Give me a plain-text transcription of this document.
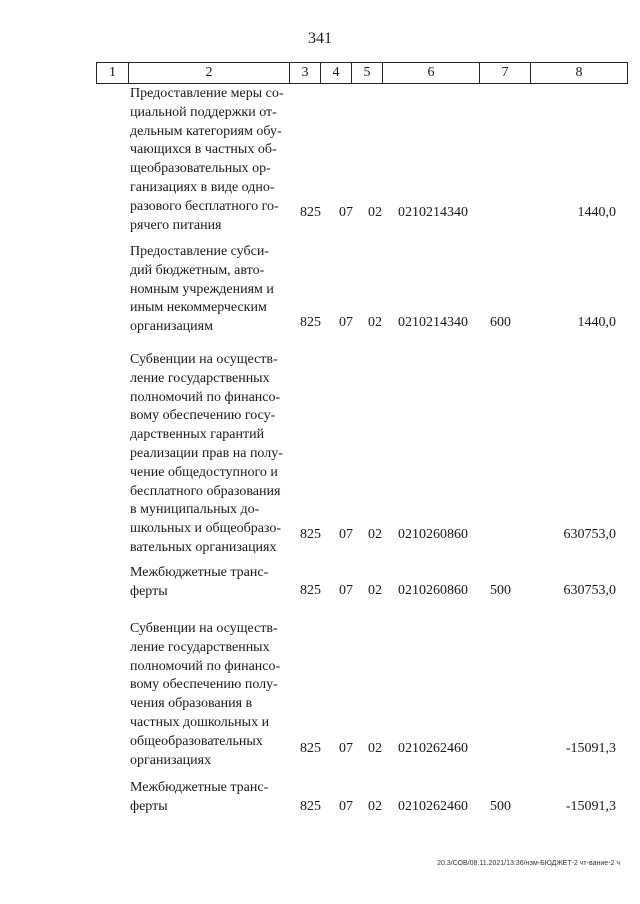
341
1	2	3	4	5	6	7	8
Предоставление меры со-
циальной поддержки от-
дельным категориям обу-
чающихся в частных об-
щеобразовательных ор-
ганизациях в виде одно-
разового бесплатного го-
рячего питания
825 07 02 0210214340	1440,0
Предоставление субси-
дий бюджетным, авто-
номным учреждениям и
иным некоммерческим
организациям	825 07 02 0210214340 600	1440,0
Субвенции на осуществ-
ление государственных
полномочий по финансо-
вому обеспечению госу-
дарственных гарантий
реализации прав на полу-
чение общедоступного и
бесплатного образования
в муниципальных до-
школьных и общеобразо-
вательных организациях
825 07 02 0210260860	630753,0
Межбюджетные транс-
ферты	825 07 02 0210260860 500	630753,0
Субвенции на осуществ-
ление государственных
полномочий по финансо-
вому обеспечению полу-
чения образования в
частных дошкольных и
общеобразовательных
организациях
825 07 02 0210262460	-15091,3
Межбюджетные транс-
ферты	825 07 02 0210262460 500	-15091,3
20.3/СОВ/08.11.2021/13:36/нэм-БЮДЖЕТ-2 чт-вание-2 ч
